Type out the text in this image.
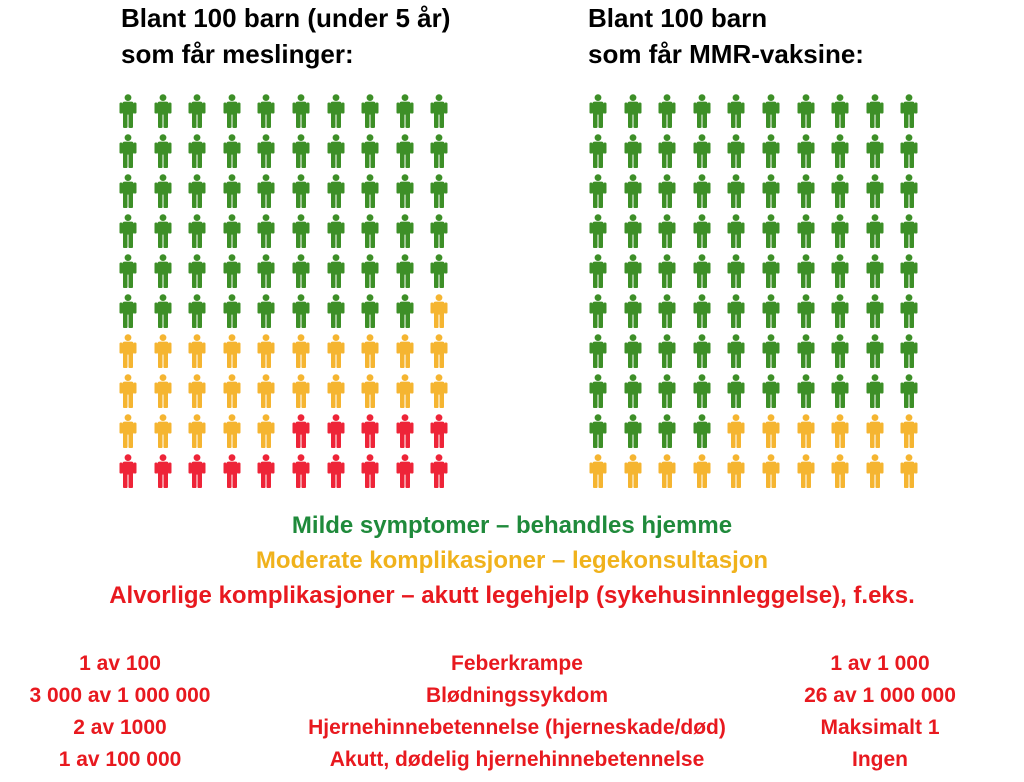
Blant 100 barn (under 5 år)
som får meslinger:
Blant 100 barn
som får MMR-vaksine:
Milde symptomer – behandles hjemme
Moderate komplikasjoner – legekonsultasjon
Alvorlige komplikasjoner – akutt legehjelp (sykehusinnleggelse), f.eks.
1 av 100
3 000 av 1 000 000
2 av 1000
1 av 100 000
Feberkrampe
Blødningssykdom
Hjernehinnebetennelse (hjerneskade/død)
Akutt, dødelig hjernehinnebetennelse
1 av 1 000
26 av 1 000 000
Maksimalt 1
Ingen
